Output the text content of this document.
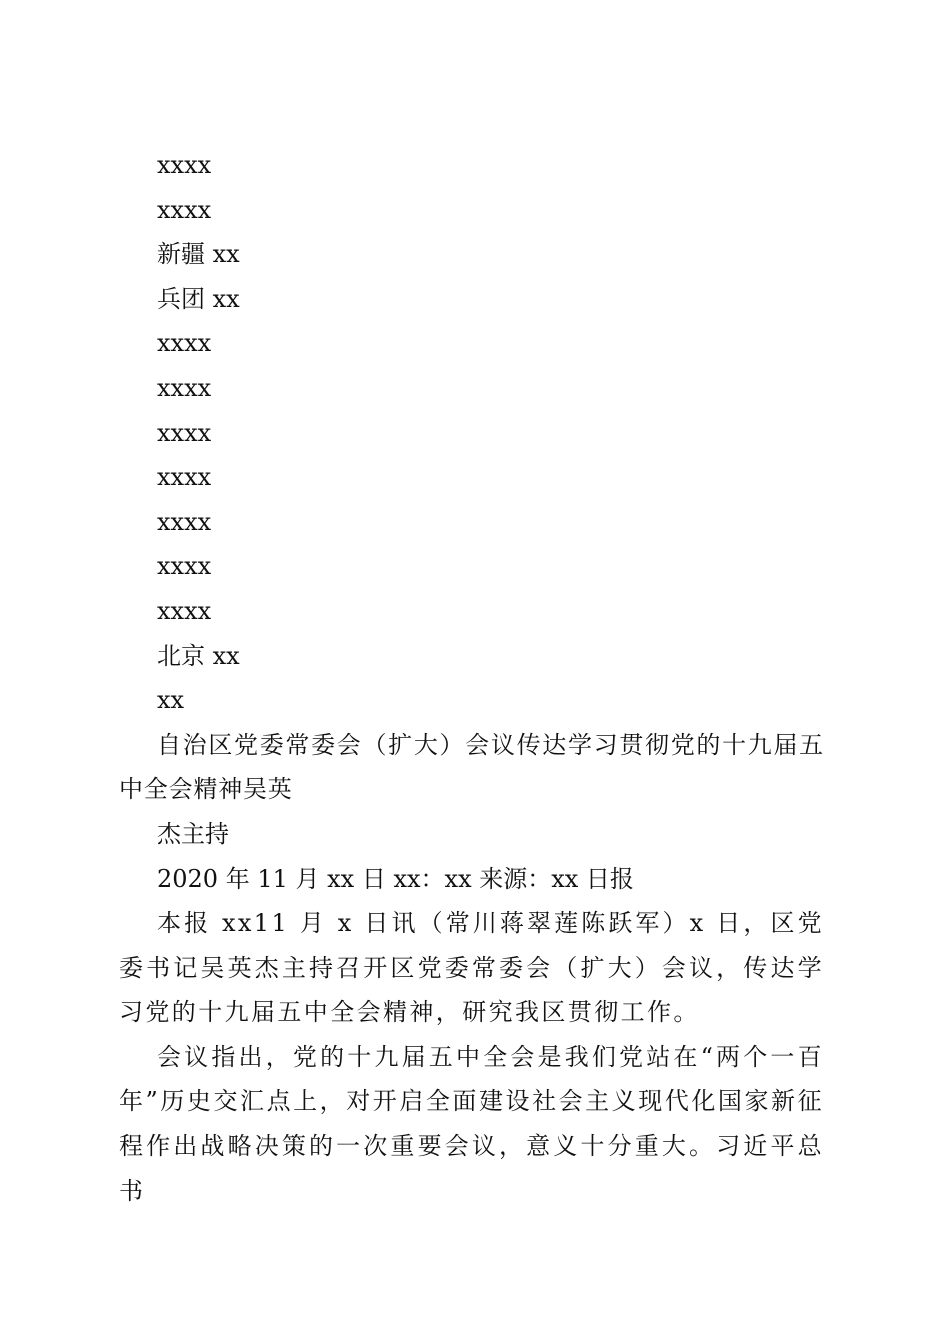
xxxx
xxxx
新疆 xx
兵团 xx
xxxx
xxxx
xxxx
xxxx
xxxx
xxxx
xxxx
北京 xx
xx

自治区党委常委会（扩大）会议传达学习贯彻党的十九届五中全会精神吴英

杰主持
2020 年 11 月 xx 日 xx：xx 来源：xx 日报

本报 xx11 月 x 日讯（常川蒋翠莲陈跃军）x 日，区党委书记吴英杰主持召开区党委常委会（扩大）会议，传达学习党的十九届五中全会精神，研究我区贯彻工作。

会议指出，党的十九届五中全会是我们党站在“两个一百年”历史交汇点上，对开启全面建设社会主义现代化国家新征程作出战略决策的一次重要会议，意义十分重大。习近平总书
